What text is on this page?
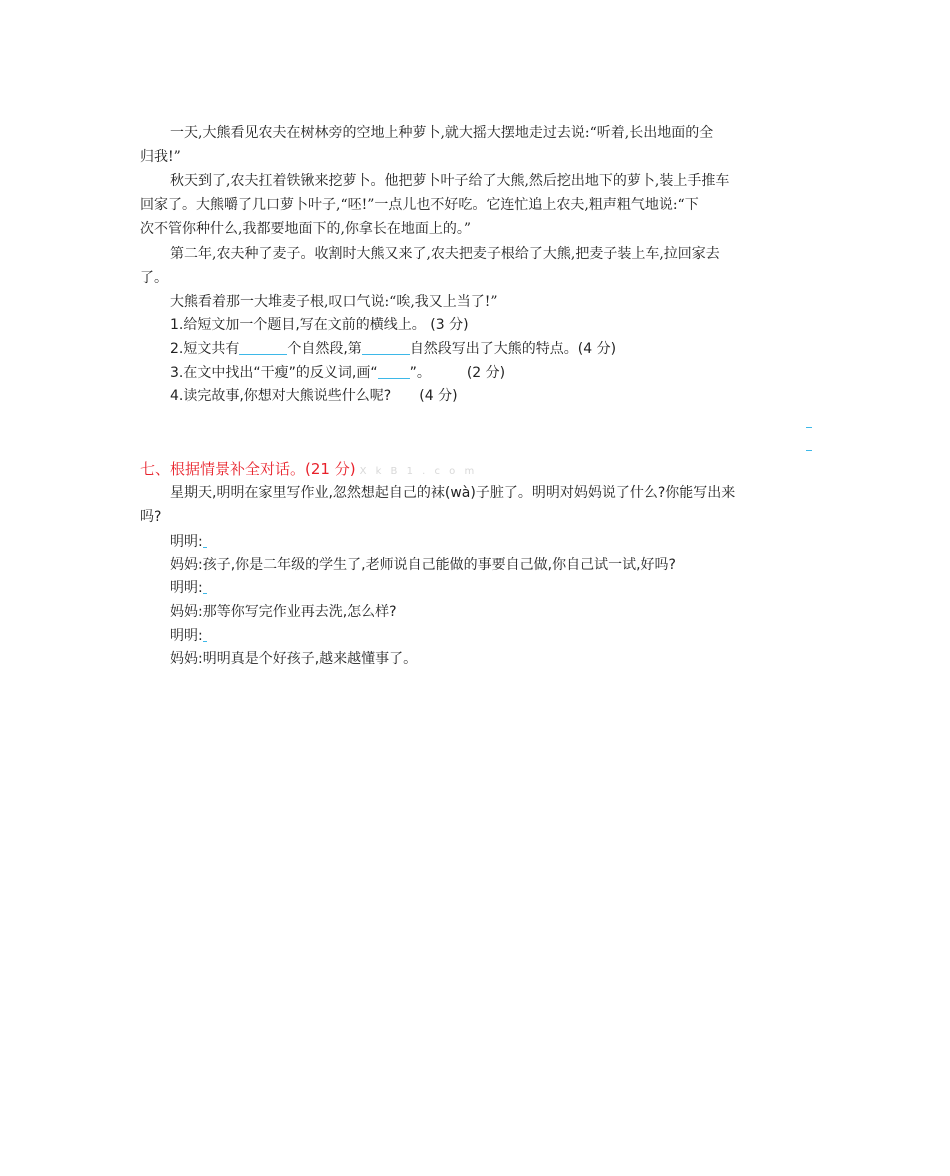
一天,大熊看见农夫在树林旁的空地上种萝卜,就大摇大摆地走过去说:“听着,长出地面的全
归我!”
秋天到了,农夫扛着铁锹来挖萝卜。他把萝卜叶子给了大熊,然后挖出地下的萝卜,装上手推车
回家了。大熊嚼了几口萝卜叶子,“呸!”一点儿也不好吃。它连忙追上农夫,粗声粗气地说:“下
次不管你种什么,我都要地面下的,你拿长在地面上的。”
第二年,农夫种了麦子。收割时大熊又来了,农夫把麦子根给了大熊,把麦子装上车,拉回家去
了。
大熊看着那一大堆麦子根,叹口气说:“唉,我又上当了!”
1.给短文加一个题目,写在文前的横线上。 (3 分)
2.短文共有	个自然段,第	自然段写出了大熊的特点。(4 分)
3.在文中找出“干瘦”的反义词,画“ ”。	(2 分)
4.读完故事,你想对大熊说些什么呢? (4 分)
七、根据情景补全对话。(21 分) X k B 1 . c o m
星期天,明明在家里写作业,忽然想起自己的袜(wà)子脏了。明明对妈妈说了什么?你能写出来
吗?
明明:
妈妈:孩子,你是二年级的学生了,老师说自己能做的事要自己做,你自己试一试,好吗?
明明:
妈妈:那等你写完作业再去洗,怎么样?
明明:
妈妈:明明真是个好孩子,越来越懂事了。
